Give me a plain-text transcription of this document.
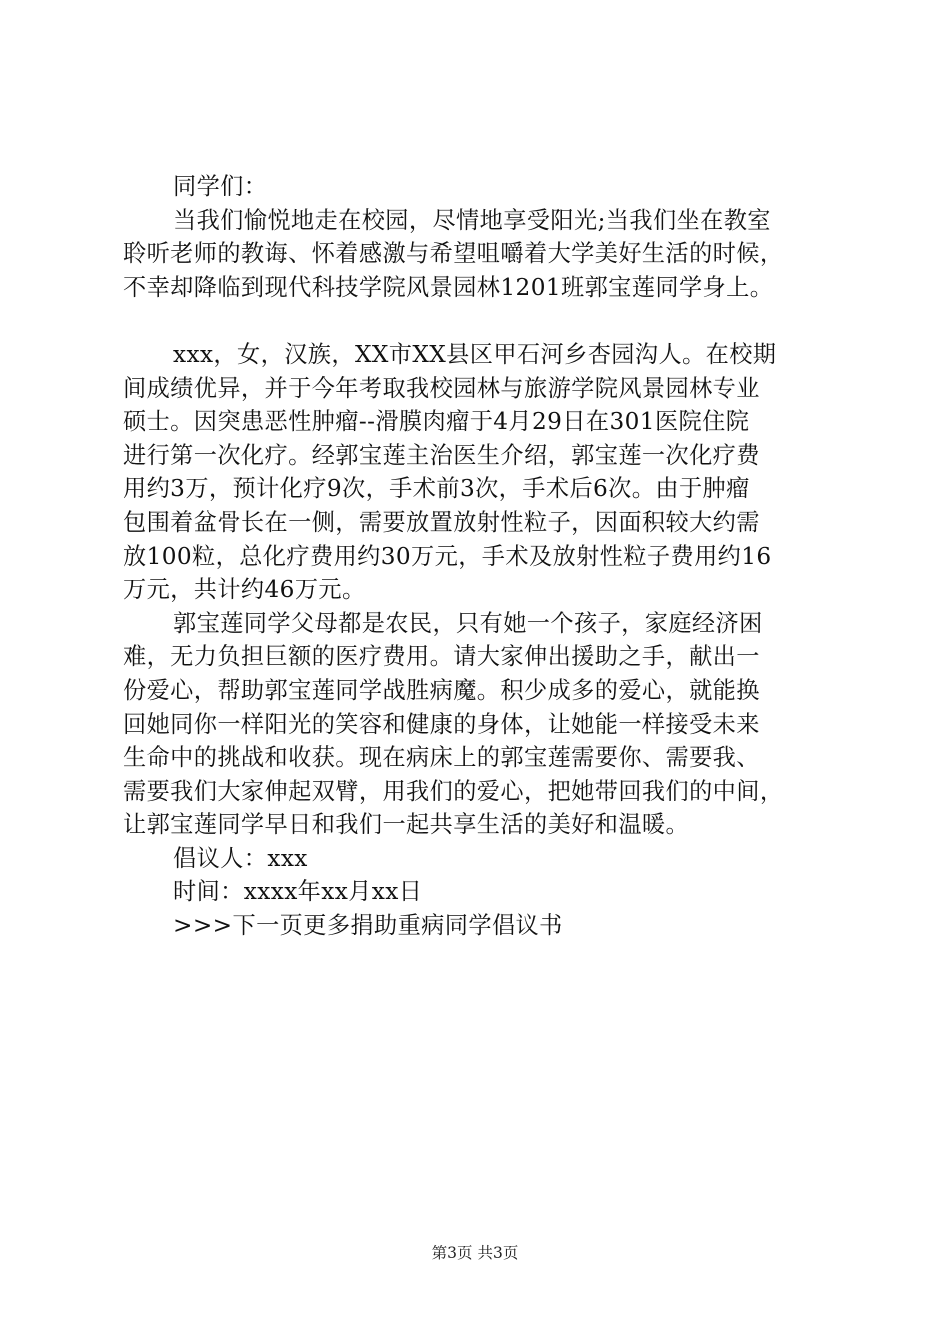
同学们：

当我们愉悦地走在校园，尽情地享受阳光;当我们坐在教室

聆听老师的教诲、怀着感激与希望咀嚼着大学美好生活的时候，

不幸却降临到现代科技学院风景园林1201班郭宝莲同学身上。

xxx，女，汉族，XX市XX县区甲石河乡杏园沟人。在校期

间成绩优异，并于今年考取我校园林与旅游学院风景园林专业

硕士。因突患恶性肿瘤--滑膜肉瘤于4月29日在301医院住院

进行第一次化疗。经郭宝莲主治医生介绍，郭宝莲一次化疗费

用约3万，预计化疗9次，手术前3次，手术后6次。由于肿瘤

包围着盆骨长在一侧，需要放置放射性粒子，因面积较大约需

放100粒，总化疗费用约30万元，手术及放射性粒子费用约16

万元，共计约46万元。

郭宝莲同学父母都是农民，只有她一个孩子，家庭经济困

难，无力负担巨额的医疗费用。请大家伸出援助之手，献出一

份爱心，帮助郭宝莲同学战胜病魔。积少成多的爱心，就能换

回她同你一样阳光的笑容和健康的身体，让她能一样接受未来

生命中的挑战和收获。现在病床上的郭宝莲需要你、需要我、

需要我们大家伸起双臂，用我们的爱心，把她带回我们的中间，

让郭宝莲同学早日和我们一起共享生活的美好和温暖。

倡议人：xxx

时间：xxxx年xx月xx日

>>>下一页更多捐助重病同学倡议书

第3页 共3页
